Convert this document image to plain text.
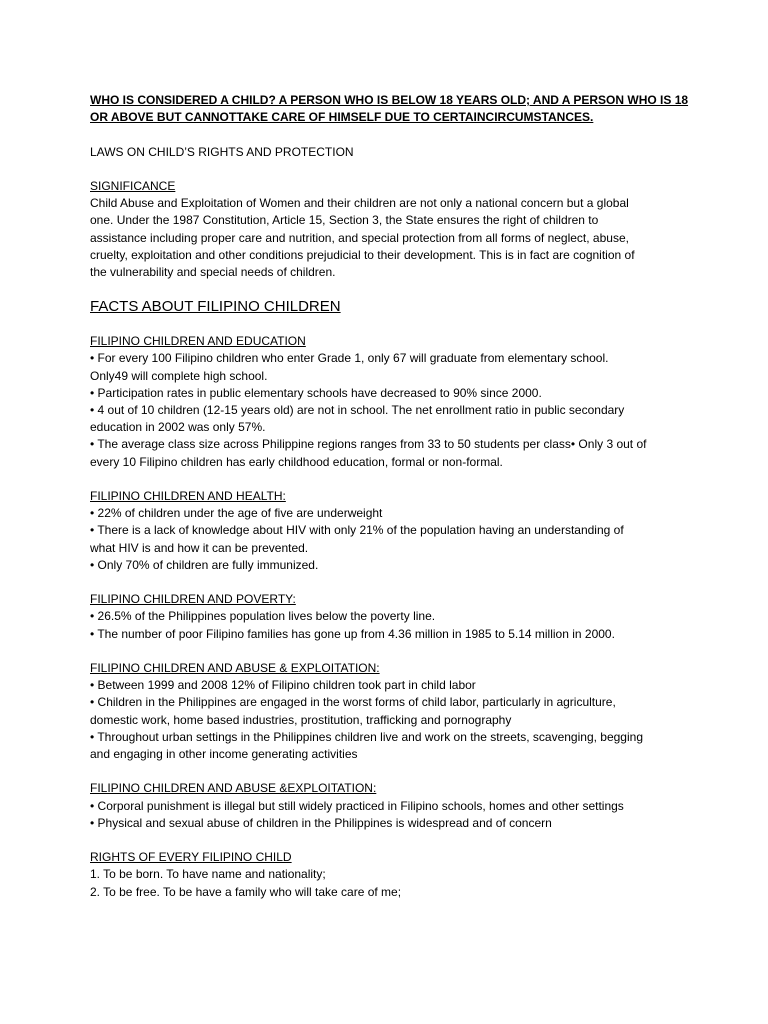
WHO IS CONSIDERED A CHILD? A PERSON WHO IS BELOW 18 YEARS OLD; AND A PERSON WHO IS 18
OR ABOVE BUT CANNOTTAKE CARE OF HIMSELF DUE TO CERTAINCIRCUMSTANCES.

LAWS ON CHILD’S RIGHTS AND PROTECTION

SIGNIFICANCE

Child Abuse and Exploitation of Women and their children are not only a national concern but a global
one. Under the 1987 Constitution, Article 15, Section 3, the State ensures the right of children to
assistance including proper care and nutrition, and special protection from all forms of neglect, abuse,
cruelty, exploitation and other conditions prejudicial to their development. This is in fact are cognition of
the vulnerability and special needs of children.

FACTS ABOUT FILIPINO CHILDREN

FILIPINO CHILDREN AND EDUCATION

• For every 100 Filipino children who enter Grade 1, only 67 will graduate from elementary school.
Only49 will complete high school.
• Participation rates in public elementary schools have decreased to 90% since 2000.
• 4 out of 10 children (12-15 years old) are not in school. The net enrollment ratio in public secondary
education in 2002 was only 57%.
• The average class size across Philippine regions ranges from 33 to 50 students per class• Only 3 out of
every 10 Filipino children has early childhood education, formal or non-formal.

FILIPINO CHILDREN AND HEALTH:

• 22% of children under the age of five are underweight
• There is a lack of knowledge about HIV with only 21% of the population having an understanding of
what HIV is and how it can be prevented.
• Only 70% of children are fully immunized.

FILIPINO CHILDREN AND POVERTY:

• 26.5% of the Philippines population lives below the poverty line.
• The number of poor Filipino families has gone up from 4.36 million in 1985 to 5.14 million in 2000.

FILIPINO CHILDREN AND ABUSE & EXPLOITATION:

• Between 1999 and 2008 12% of Filipino children took part in child labor
• Children in the Philippines are engaged in the worst forms of child labor, particularly in agriculture,
domestic work, home based industries, prostitution, trafficking and pornography
• Throughout urban settings in the Philippines children live and work on the streets, scavenging, begging
and engaging in other income generating activities

FILIPINO CHILDREN AND ABUSE &EXPLOITATION:

• Corporal punishment is illegal but still widely practiced in Filipino schools, homes and other settings
• Physical and sexual abuse of children in the Philippines is widespread and of concern

RIGHTS OF EVERY FILIPINO CHILD

1. To be born. To have name and nationality;
2. To be free. To be have a family who will take care of me;
